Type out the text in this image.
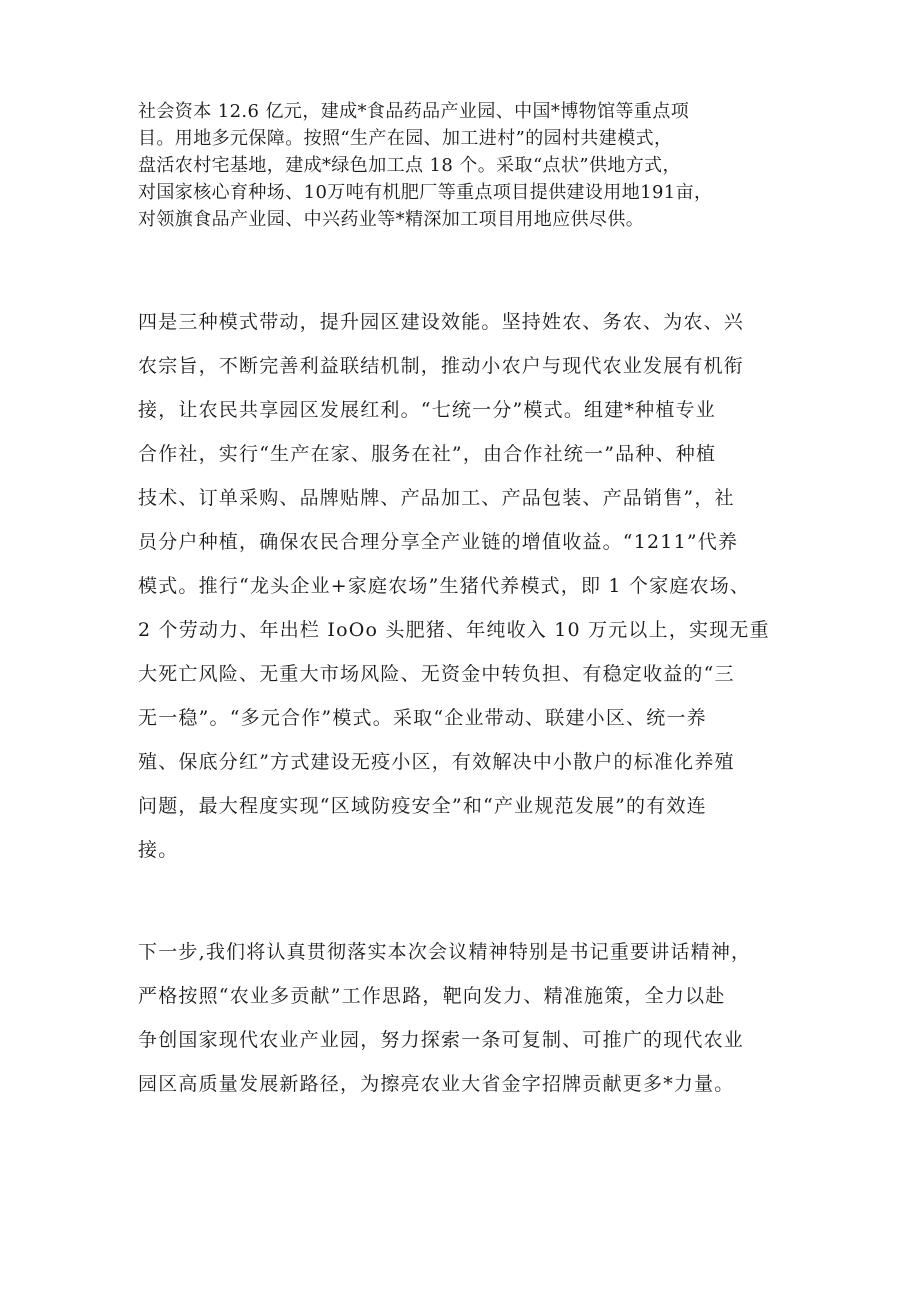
社会资本 12.6 亿元，建成*食品药品产业园、中国*博物馆等重点项
目。用地多元保障。按照“生产在园、加工进村”的园村共建模式，
盘活农村宅基地，建成*绿色加工点 18 个。采取“点状”供地方式，
对国家核心育种场、10万吨有机肥厂等重点项目提供建设用地191亩，
对领旗食品产业园、中兴药业等*精深加工项目用地应供尽供。
四是三种模式带动，提升园区建设效能。坚持姓农、务农、为农、兴
农宗旨，不断完善利益联结机制，推动小农户与现代农业发展有机衔
接，让农民共享园区发展红利。“七统一分”模式。组建*种植专业
合作社，实行“生产在家、服务在社”，由合作社统一”品种、种植
技术、订单采购、品牌贴牌、产品加工、产品包装、产品销售”，社
员分户种植，确保农民合理分享全产业链的增值收益。“1211”代养
模式。推行“龙头企业+家庭农场”生猪代养模式，即 1 个家庭农场、
2 个劳动力、年出栏 IoOo 头肥猪、年纯收入 10 万元以上，实现无重
大死亡风险、无重大市场风险、无资金中转负担、有稳定收益的“三
无一稳”。“多元合作”模式。采取“企业带动、联建小区、统一养
殖、保底分红”方式建设无疫小区，有效解决中小散户的标准化养殖
问题，最大程度实现“区域防疫安全”和“产业规范发展”的有效连
接。
下一步,我们将认真贯彻落实本次会议精神特别是书记重要讲话精神，
严格按照“农业多贡献”工作思路，靶向发力、精准施策，全力以赴
争创国家现代农业产业园，努力探索一条可复制、可推广的现代农业
园区高质量发展新路径，为擦亮农业大省金字招牌贡献更多*力量。
